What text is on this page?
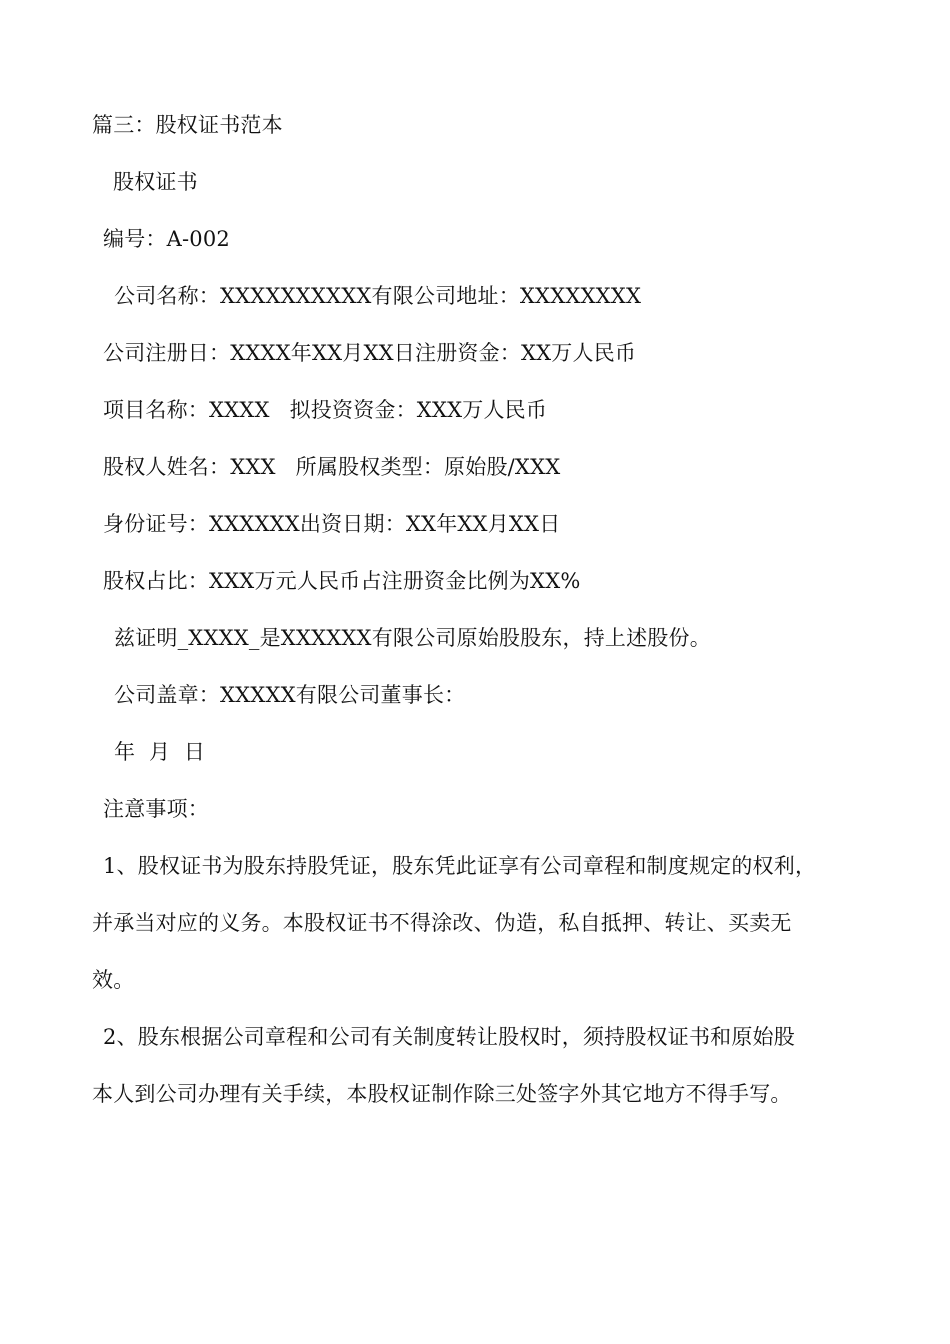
篇三：股权证书范本
股权证书
编号：A-002
公司名称：XXXXXXXXXX有限公司地址：XXXXXXXX
公司注册日：XXXX年XX月XX日注册资金：XX万人民币
项目名称：XXXX 拟投资资金：XXX万人民币
股权人姓名：XXX 所属股权类型：原始股/XXX
身份证号：XXXXXX出资日期：XX年XX月XX日
股权占比：XXX万元人民币占注册资金比例为XX%
兹证明_XXXX_是XXXXXX有限公司原始股股东，持上述股份。
公司盖章：XXXXX有限公司董事长：
年  月  日
注意事项：
1、股权证书为股东持股凭证，股东凭此证享有公司章程和制度规定的权利，
并承当对应的义务。本股权证书不得涂改、伪造，私自抵押、转让、买卖无
效。
2、股东根据公司章程和公司有关制度转让股权时，须持股权证书和原始股
本人到公司办理有关手续，本股权证制作除三处签字外其它地方不得手写。
